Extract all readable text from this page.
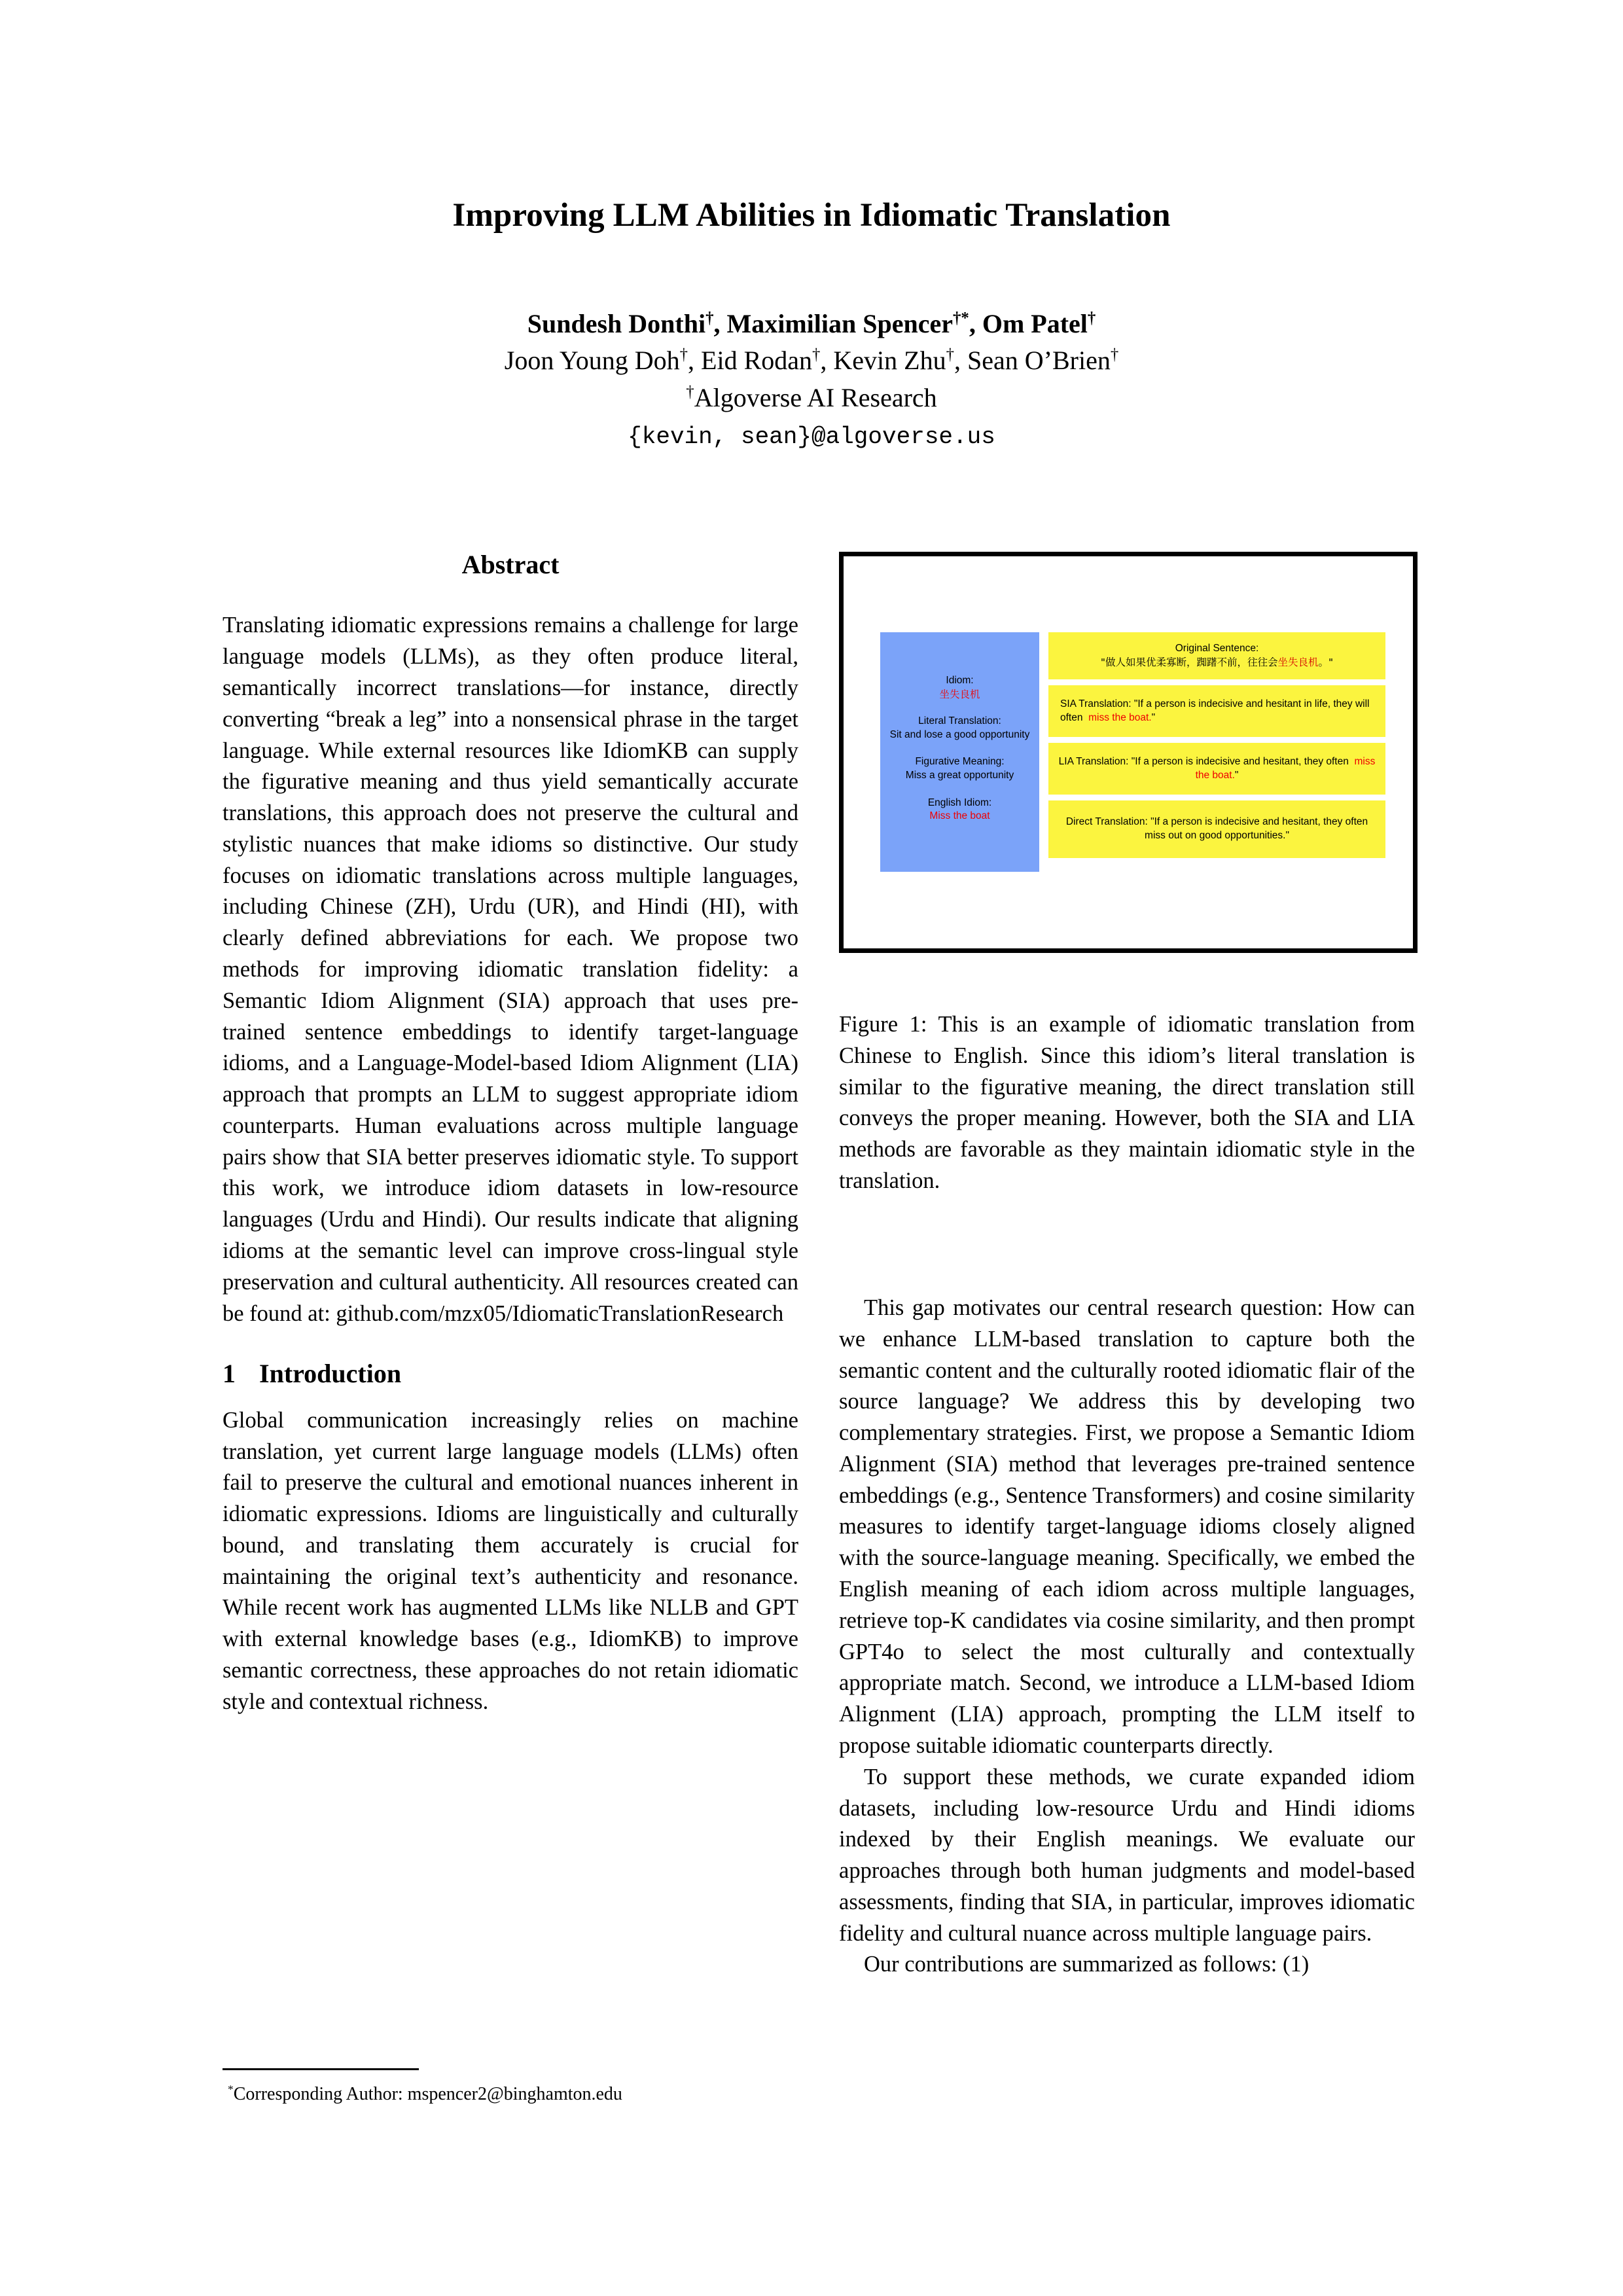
Improving LLM Abilities in Idiomatic Translation
Sundesh Donthi†, Maximilian Spencer†*, Om Patel†
Joon Young Doh†, Eid Rodan†, Kevin Zhu†, Sean O’Brien†
†Algoverse AI Research
{kevin, sean}@algoverse.us
Abstract

Translating idiomatic expressions remains a challenge for large language models (LLMs), as they often produce literal, semantically incorrect translations—for instance, directly converting “break a leg” into a nonsensical phrase in the target language. While external resources like IdiomKB can supply the figurative meaning and thus yield semantically accurate translations, this approach does not preserve the cultural and stylistic nuances that make idioms so distinctive. Our study focuses on idiomatic translations across multiple languages, including Chinese (ZH), Urdu (UR), and Hindi (HI), with clearly defined abbreviations for each. We propose two methods for improving idiomatic translation fidelity: a Semantic Idiom Alignment (SIA) approach that uses pre-trained sentence embeddings to identify target-language idioms, and a Language-Model-based Idiom Alignment (LIA) approach that prompts an LLM to suggest appropriate idiom counterparts. Human evaluations across multiple language pairs show that SIA better preserves idiomatic style. To support this work, we introduce idiom datasets in low-resource languages (Urdu and Hindi). Our results indicate that aligning idioms at the semantic level can improve cross-lingual style preservation and cultural authenticity. All resources created can be found at: github.com/mzx05/IdiomaticTranslationResearch

1 Introduction

Global communication increasingly relies on machine translation, yet current large language models (LLMs) often fail to preserve the cultural and emotional nuances inherent in idiomatic expressions. Idioms are linguistically and culturally bound, and translating them accurately is crucial for maintaining the original text’s authenticity and resonance. While recent work has augmented LLMs like NLLB and GPT with external knowledge bases (e.g., IdiomKB) to improve semantic correctness, these approaches do not retain idiomatic style and contextual richness.

Idiom:
坐失良机
Literal Translation:
Sit and lose a good opportunity
Figurative Meaning:
Miss a great opportunity
English Idiom:
Miss the boat
Original Sentence:
"做人如果优柔寡断，踟躇不前，往往会坐失良机。"
SIA Translation: "If a person is indecisive and hesitant in life, they will often miss the boat."
LIA Translation: "If a person is indecisive and hesitant, they often miss the boat."
Direct Translation: "If a person is indecisive and hesitant, they often miss out on good opportunities."
Figure 1: This is an example of idiomatic translation from Chinese to English. Since this idiom’s literal translation is similar to the figurative meaning, the direct translation still conveys the proper meaning. However, both the SIA and LIA methods are favorable as they maintain idiomatic style in the translation.

This gap motivates our central research question: How can we enhance LLM-based translation to capture both the semantic content and the culturally rooted idiomatic flair of the source language? We address this by developing two complementary strategies. First, we propose a Semantic Idiom Alignment (SIA) method that leverages pre-trained sentence embeddings (e.g., Sentence Transformers) and cosine similarity measures to identify target-language idioms closely aligned with the source-language meaning. Specifically, we embed the English meaning of each idiom across multiple languages, retrieve top-K candidates via cosine similarity, and then prompt GPT4o to select the most culturally and contextually appropriate match. Second, we introduce a LLM-based Idiom Alignment (LIA) approach, prompting the LLM itself to propose suitable idiomatic counterparts directly.

To support these methods, we curate expanded idiom datasets, including low-resource Urdu and Hindi idioms indexed by their English meanings. We evaluate our approaches through both human judgments and model-based assessments, finding that SIA, in particular, improves idiomatic fidelity and cultural nuance across multiple language pairs.

Our contributions are summarized as follows: (1)

*Corresponding Author: mspencer2@binghamton.edu
